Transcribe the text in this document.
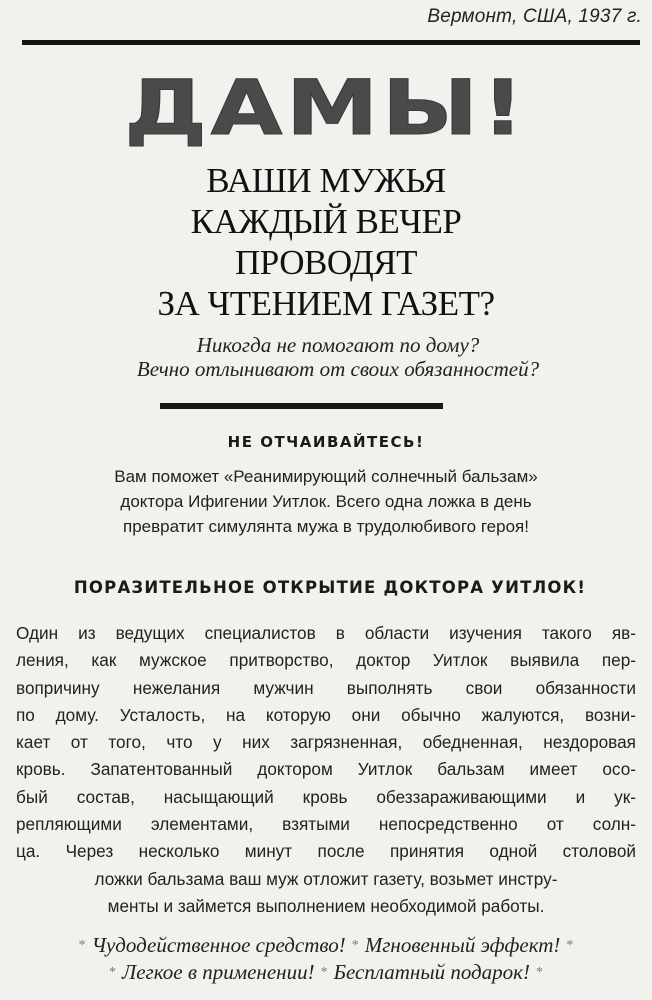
Вермонт, США, 1937 г.
ДАМЫ!
ВАШИ МУЖЬЯ
КАЖДЫЙ ВЕЧЕР
ПРОВОДЯТ
ЗА ЧТЕНИЕМ ГАЗЕТ?
Никогда не помогают по дому?
Вечно отлынивают от своих обязанностей?
НЕ ОТЧАИВАЙТЕСЬ!
Вам поможет «Реанимирующий солнечный бальзам»
доктора Ифигении Уитлок. Всего одна ложка в день
превратит симулянта мужа в трудолюбивого героя!
ПОРАЗИТЕЛЬНОЕ ОТКРЫТИЕ ДОКТОРА УИТЛОК!
Один из ведущих специалистов в области изучения такого яв-
ления, как мужское притворство, доктор Уитлок выявила пер-
вопричину нежелания мужчин выполнять свои обязанности
по дому. Усталость, на которую они обычно жалуются, возни-
кает от того, что у них загрязненная, обедненная, нездоровая
кровь. Запатентованный доктором Уитлок бальзам имеет осо-
бый состав, насыщающий кровь обеззараживающими и ук-
репляющими элементами, взятыми непосредственно от солн-
ца. Через несколько минут после принятия одной столовой
ложки бальзама ваш муж отложит газету, возьмет инстру-
менты и займется выполнением необходимой работы.
* Чудодейственное средство! * Мгновенный эффект! *
* Легкое в применении! * Бесплатный подарок! *
